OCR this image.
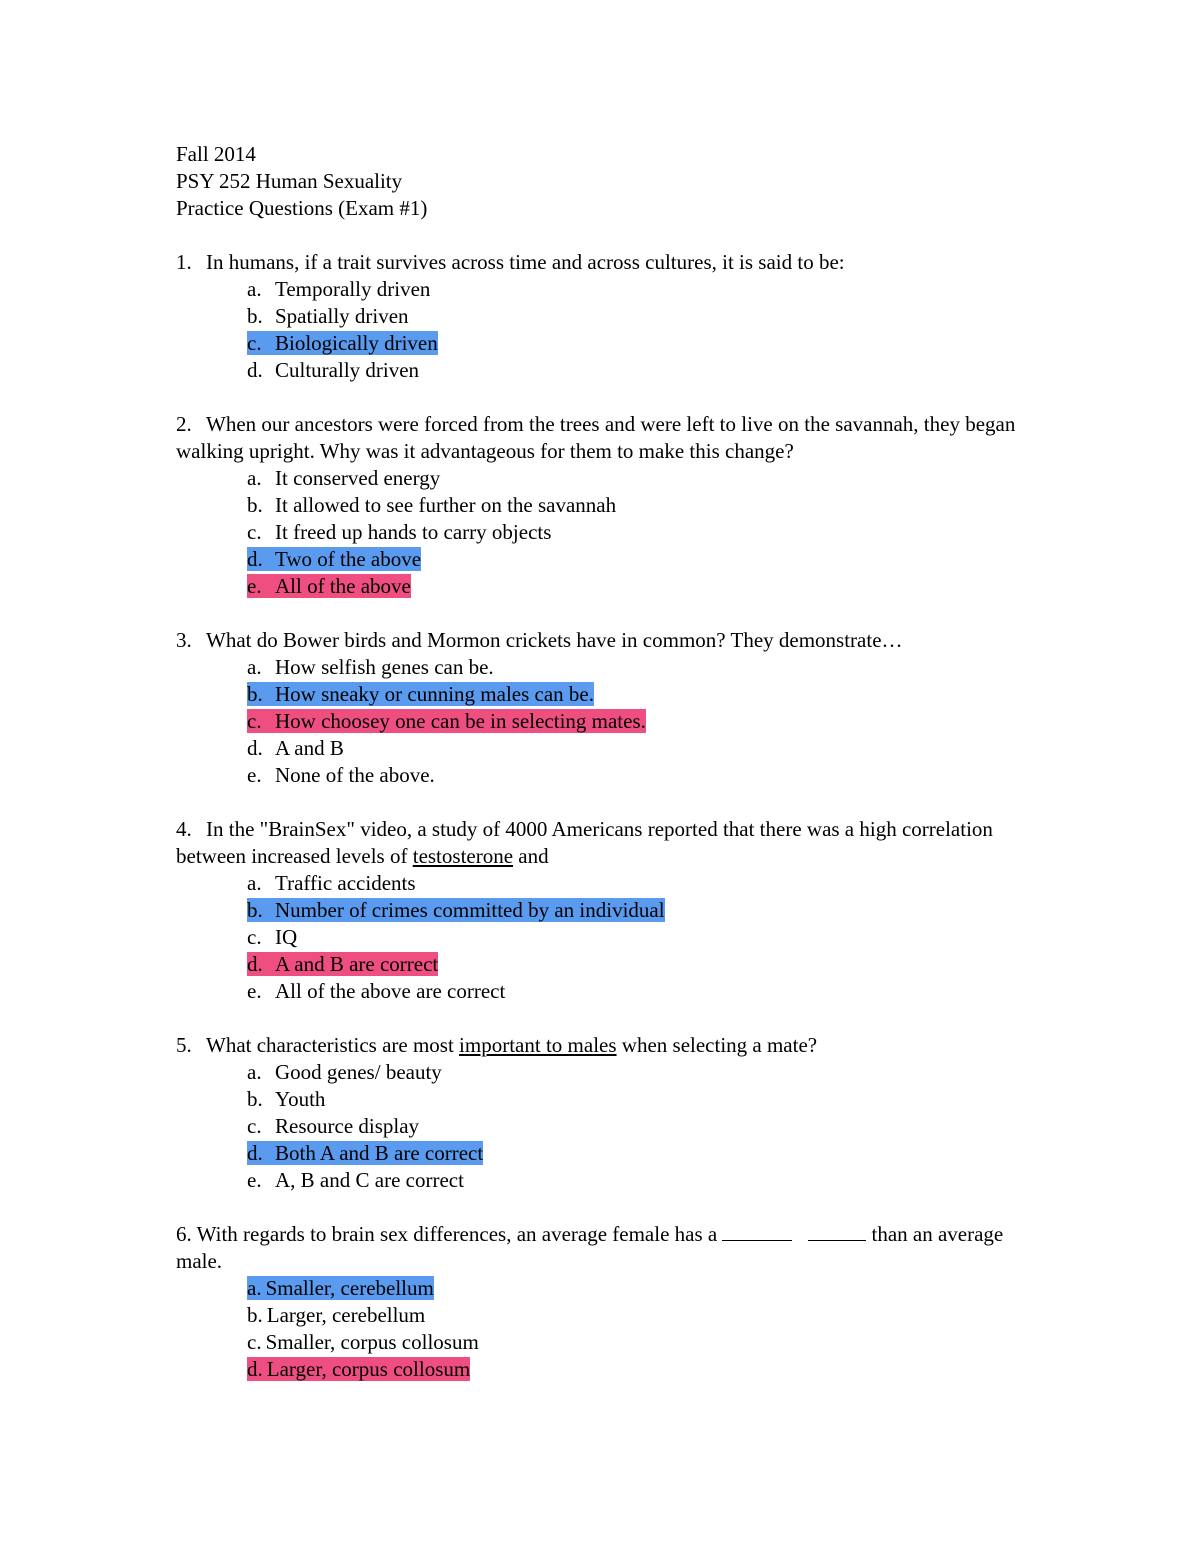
Fall 2014
PSY 252 Human Sexuality
Practice Questions (Exam #1)
1. In humans, if a trait survives across time and across cultures, it is said to be:
a. Temporally driven
b. Spatially driven
c. Biologically driven
d. Culturally driven
2. When our ancestors were forced from the trees and were left to live on the savannah, they began walking upright. Why was it advantageous for them to make this change?
a. It conserved energy
b. It allowed to see further on the savannah
c. It freed up hands to carry objects
d. Two of the above
e. All of the above
3. What do Bower birds and Mormon crickets have in common? They demonstrate…
a. How selfish genes can be.
b. How sneaky or cunning males can be.
c. How choosey one can be in selecting mates.
d. A and B
e. None of the above.
4. In the "BrainSex" video, a study of 4000 Americans reported that there was a high correlation between increased levels of testosterone and
a. Traffic accidents
b. Number of crimes committed by an individual
c. IQ
d. A and B are correct
e. All of the above are correct
5. What characteristics are most important to males when selecting a mate?
a. Good genes/ beauty
b. Youth
c. Resource display
d. Both A and B are correct
e. A, B and C are correct
6. With regards to brain sex differences, an average female has a	than an average male.
a. Smaller, cerebellum
b. Larger, cerebellum
c. Smaller, corpus collosum
d. Larger, corpus collosum
